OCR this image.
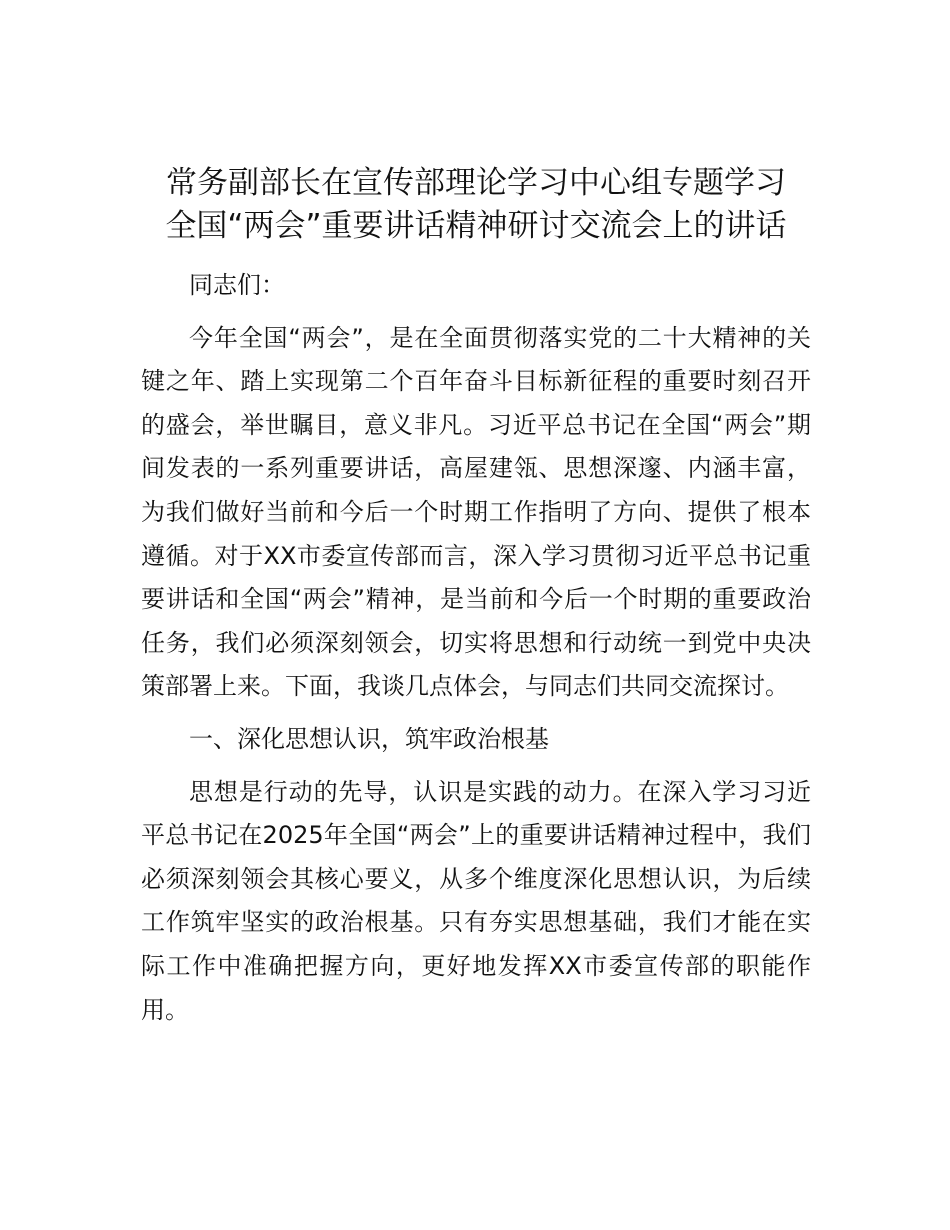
常务副部长在宣传部理论学习中心组专题学习
全国“两会”重要讲话精神研讨交流会上的讲话

同志们：

今年全国“两会”，是在全面贯彻落实党的二十大精神的关键之年、踏上实现第二个百年奋斗目标新征程的重要时刻召开的盛会，举世瞩目，意义非凡。习近平总书记在全国“两会”期间发表的一系列重要讲话，高屋建瓴、思想深邃、内涵丰富，为我们做好当前和今后一个时期工作指明了方向、提供了根本遵循。对于XX市委宣传部而言，深入学习贯彻习近平总书记重要讲话和全国“两会”精神，是当前和今后一个时期的重要政治任务，我们必须深刻领会，切实将思想和行动统一到党中央决策部署上来。下面，我谈几点体会，与同志们共同交流探讨。

一、深化思想认识，筑牢政治根基

思想是行动的先导，认识是实践的动力。在深入学习习近平总书记在2025年全国“两会”上的重要讲话精神过程中，我们必须深刻领会其核心要义，从多个维度深化思想认识，为后续工作筑牢坚实的政治根基。只有夯实思想基础，我们才能在实际工作中准确把握方向，更好地发挥XX市委宣传部的职能作用。
